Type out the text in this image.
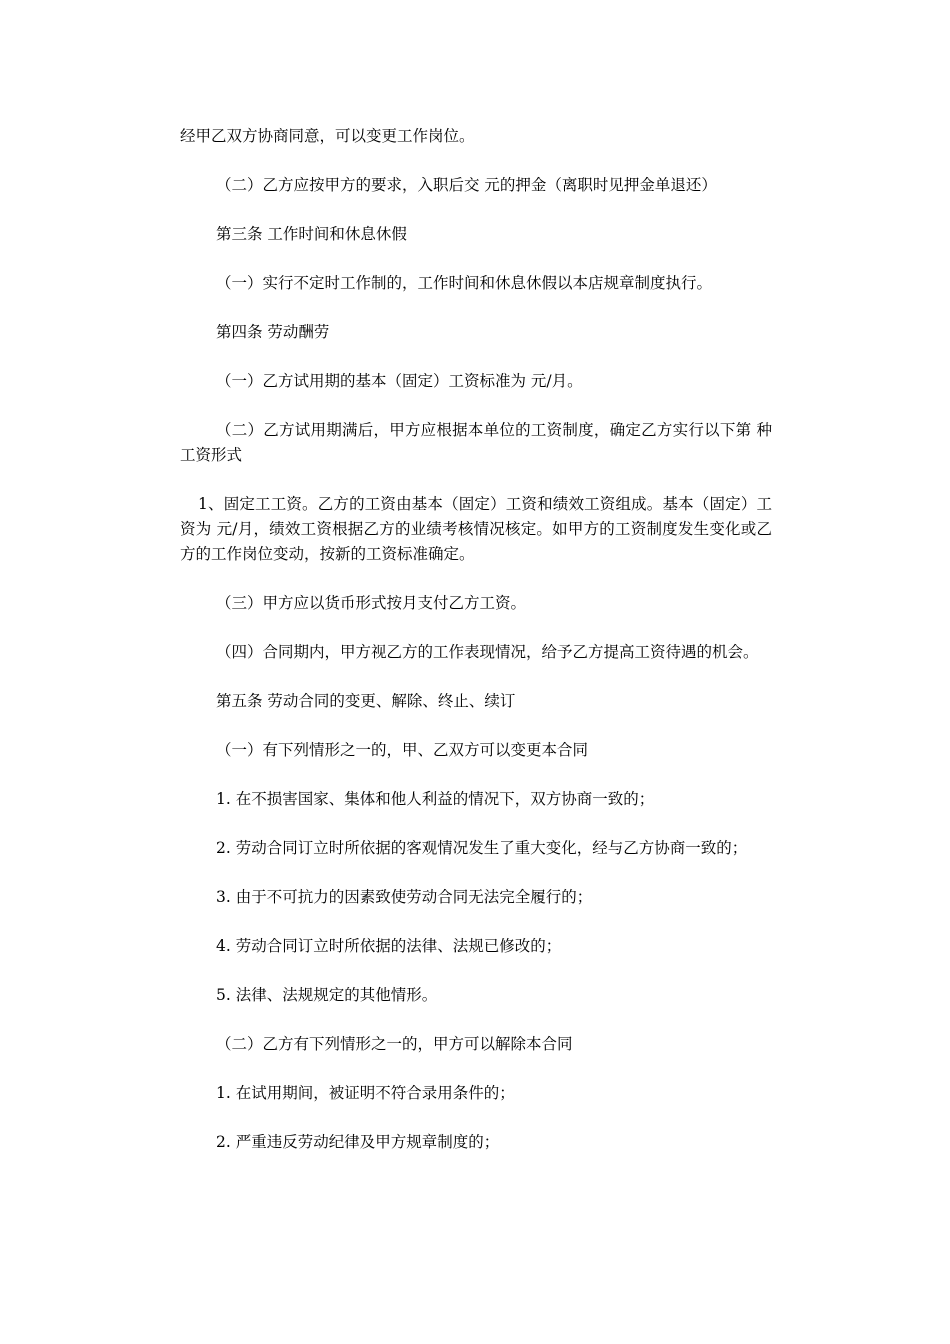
经甲乙双方协商同意，可以变更工作岗位。

（二）乙方应按甲方的要求，入职后交 元的押金（离职时见押金单退还）

第三条 工作时间和休息休假

（一）实行不定时工作制的，工作时间和休息休假以本店规章制度执行。

第四条 劳动酬劳

（一）乙方试用期的基本（固定）工资标准为 元/月。

（二）乙方试用期满后，甲方应根据本单位的工资制度，确定乙方实行以下第 种工资形式

1、固定工工资。乙方的工资由基本（固定）工资和绩效工资组成。基本（固定）工资为 元/月，绩效工资根据乙方的业绩考核情况核定。如甲方的工资制度发生变化或乙方的工作岗位变动，按新的工资标准确定。

（三）甲方应以货币形式按月支付乙方工资。

（四）合同期内，甲方视乙方的工作表现情况，给予乙方提高工资待遇的机会。

第五条 劳动合同的变更、解除、终止、续订

（一）有下列情形之一的，甲、乙双方可以变更本合同

1. 在不损害国家、集体和他人利益的情况下，双方协商一致的；

2. 劳动合同订立时所依据的客观情况发生了重大变化，经与乙方协商一致的；

3. 由于不可抗力的因素致使劳动合同无法完全履行的；

4. 劳动合同订立时所依据的法律、法规已修改的；

5. 法律、法规规定的其他情形。

（二）乙方有下列情形之一的，甲方可以解除本合同

1. 在试用期间，被证明不符合录用条件的；

2. 严重违反劳动纪律及甲方规章制度的；
